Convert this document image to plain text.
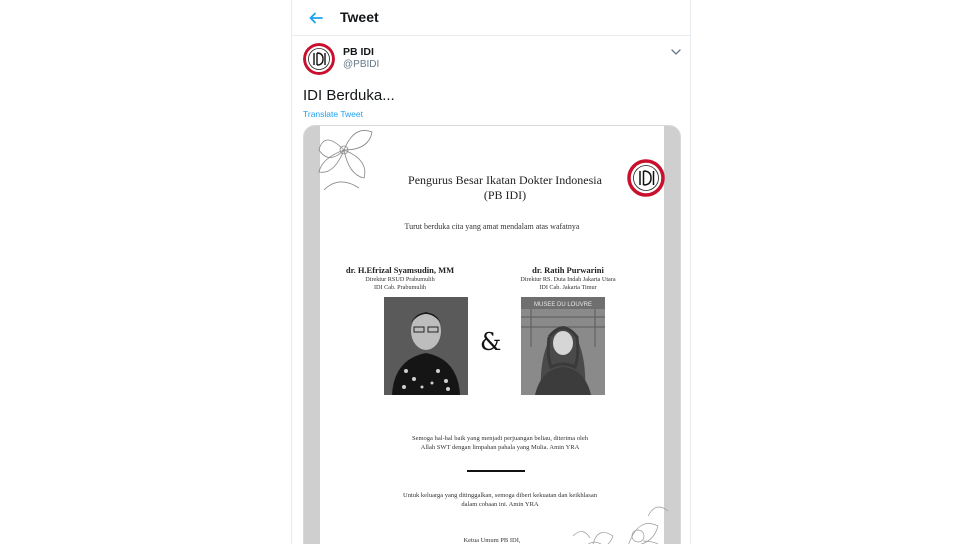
Tweet
PB IDI
@PBIDI
IDI Berduka...
Translate Tweet
Pengurus Besar Ikatan Dokter Indonesia
(PB IDI)
Turut berduka cita yang amat mendalam atas wafatnya
dr. H.Efrizal Syamsudin, MM
Direktur RSUD Prabumulih
IDI Cab. Prabumulih
dr. Ratih Purwarini
Direktur RS. Duta Indah Jakarta Utara
IDI Cab. Jakarta Timur
&
MUSEE DU LOUVRE
Semoga hal-hal baik yang menjadi perjuangan beliau, diterima oleh
Allah SWT dengan limpahan pahala yang Mulia. Amin YRA
Untuk keluarga yang ditinggalkan, semoga diberi kekuatan dan keikhlasan
dalam cobaan ini. Amin YRA
Ketua Umum PB IDI,
